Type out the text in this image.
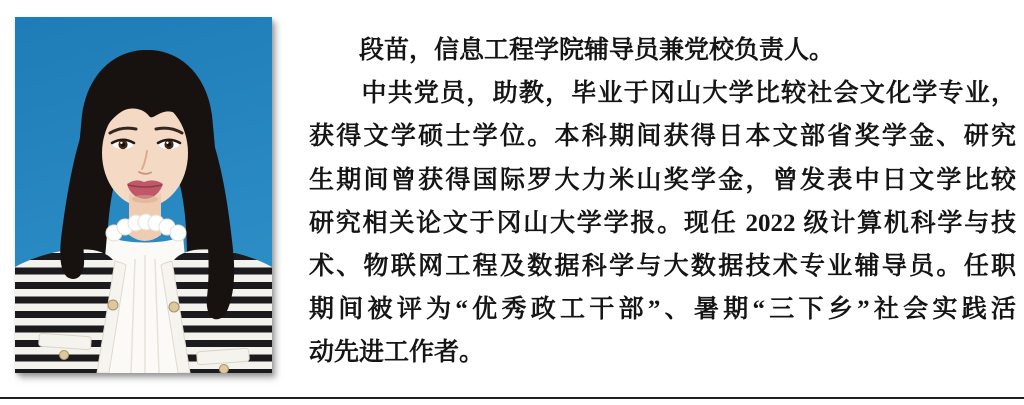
　　段苗，信息工程学院辅导员兼党校负责人。

　　中共党员，助教，毕业于冈山大学比较社会文化学专业，

获得文学硕士学位。本科期间获得日本文部省奖学金、研究

生期间曾获得国际罗大力米山奖学金，曾发表中日文学比较

研究相关论文于冈山大学学报。现任 2022 级计算机科学与技

术、物联网工程及数据科学与大数据技术专业辅导员。任职

期间被评为“优秀政工干部”、暑期“三下乡”社会实践活

动先进工作者。
